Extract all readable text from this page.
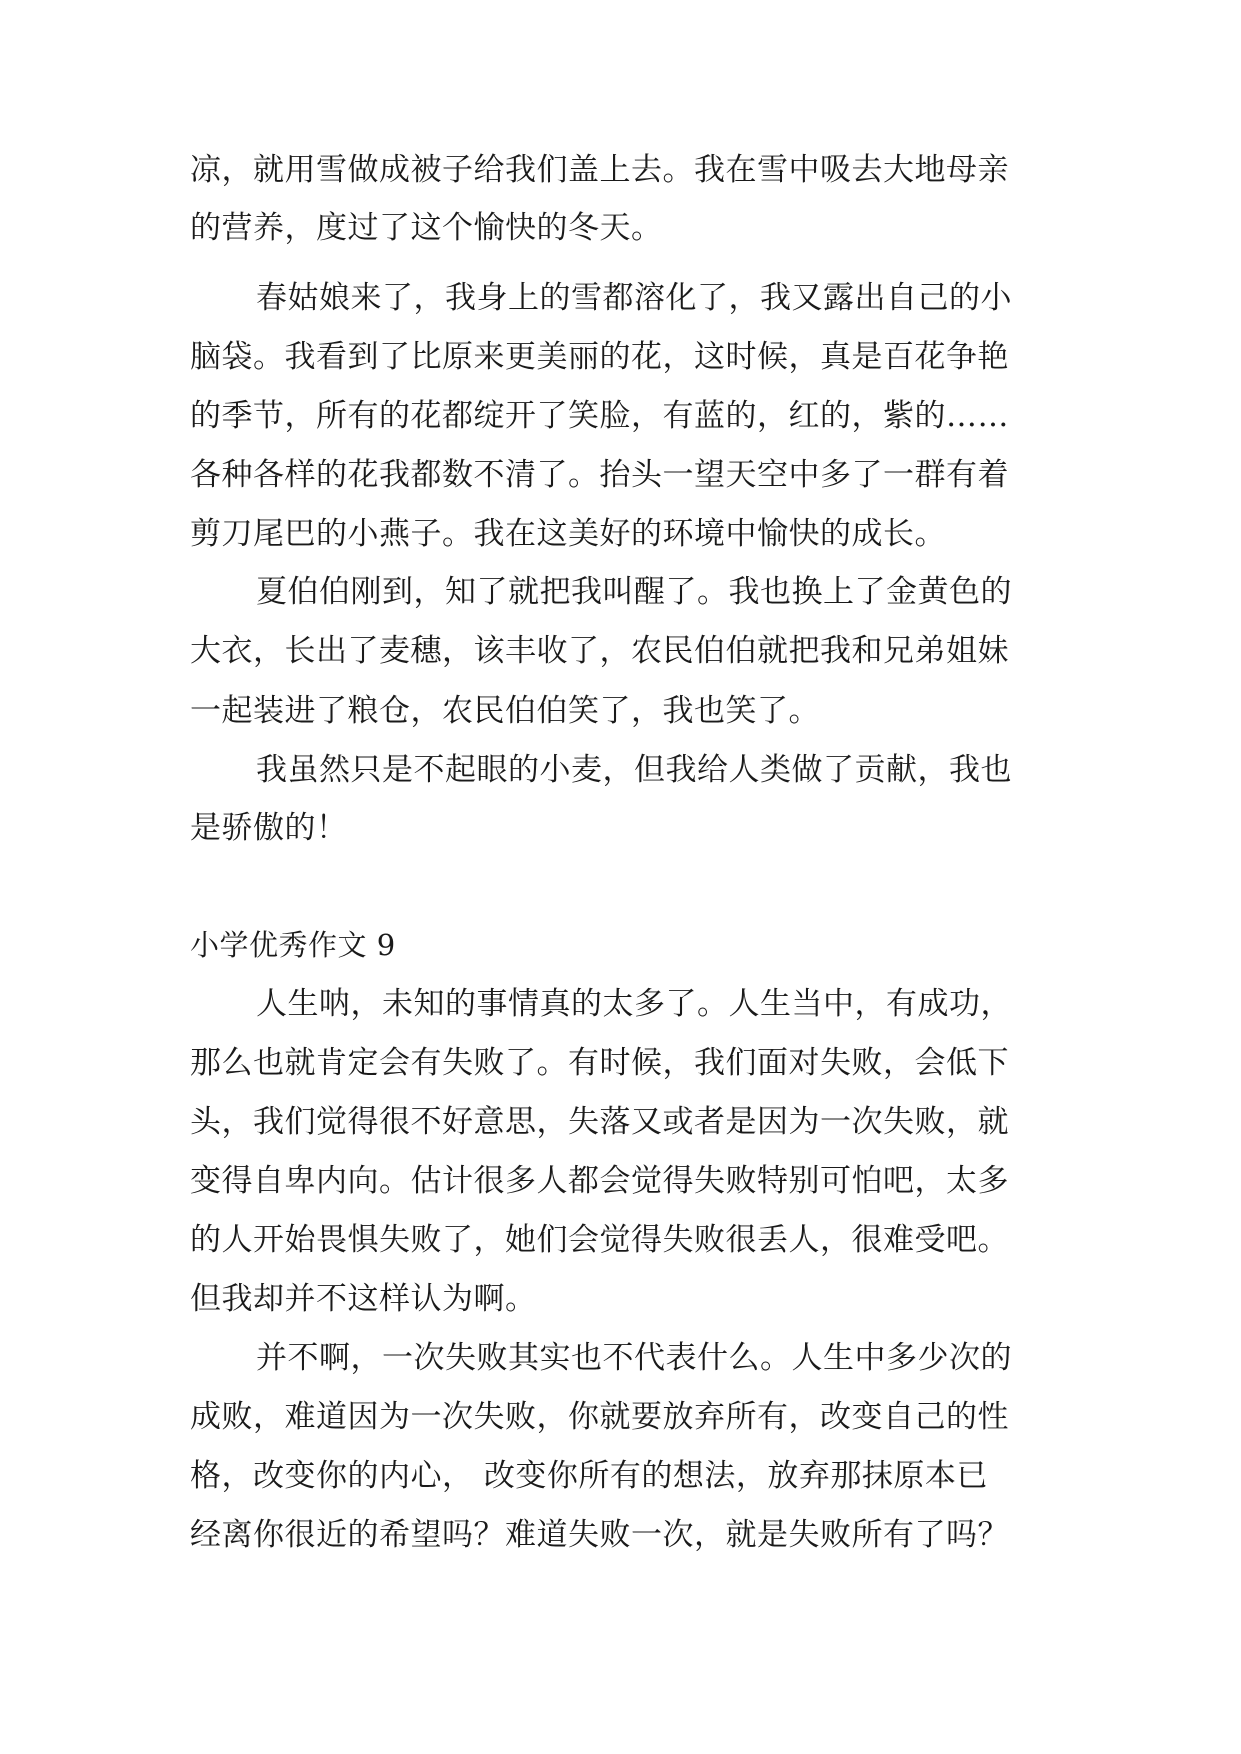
凉，就用雪做成被子给我们盖上去。我在雪中吸去大地母亲
的营养，度过了这个愉快的冬天。
春姑娘来了，我身上的雪都溶化了，我又露出自己的小
脑袋。我看到了比原来更美丽的花，这时候，真是百花争艳
的季节，所有的花都绽开了笑脸，有蓝的，红的，紫的……
各种各样的花我都数不清了。抬头一望天空中多了一群有着
剪刀尾巴的小燕子。我在这美好的环境中愉快的成长。
夏伯伯刚到，知了就把我叫醒了。我也换上了金黄色的
大衣，长出了麦穗，该丰收了，农民伯伯就把我和兄弟姐妹
一起装进了粮仓，农民伯伯笑了，我也笑了。
我虽然只是不起眼的小麦，但我给人类做了贡献，我也
是骄傲的！
小学优秀作文 9
人生呐，未知的事情真的太多了。人生当中，有成功，
那么也就肯定会有失败了。有时候，我们面对失败，会低下
头，我们觉得很不好意思，失落又或者是因为一次失败，就
变得自卑内向。估计很多人都会觉得失败特别可怕吧，太多
的人开始畏惧失败了，她们会觉得失败很丢人，很难受吧。
但我却并不这样认为啊。
并不啊，一次失败其实也不代表什么。人生中多少次的
成败，难道因为一次失败，你就要放弃所有，改变自己的性
格，改变你的内心， 改变你所有的想法，放弃那抹原本已
经离你很近的希望吗？难道失败一次，就是失败所有了吗？
